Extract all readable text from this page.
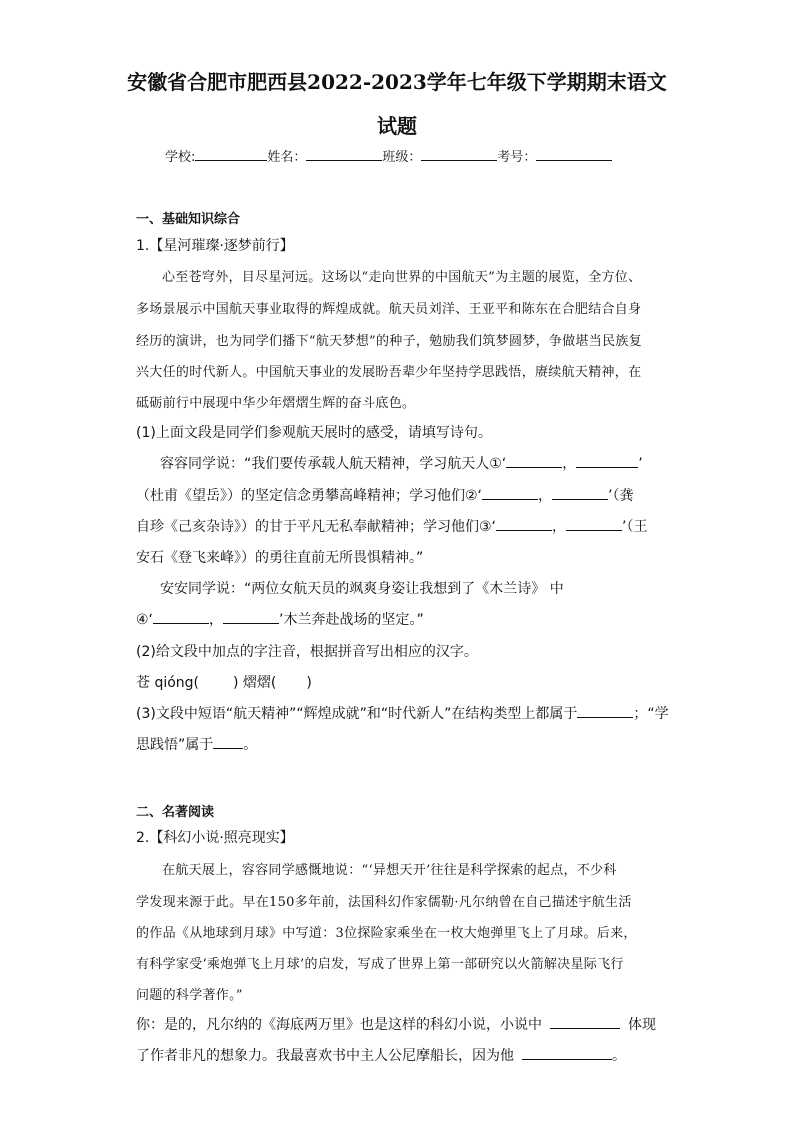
安徽省合肥市肥西县2022-2023学年七年级下学期期末语文
试题
学校:	姓名：	班级：	考号：
一、基础知识综合
1.【星河璀璨·逐梦前行】
心至苍穹外，目尽星河远。这场以“走向世界的中国航天”为主题的展览，全方位、
多场景展示中国航天事业取得的辉煌成就。航天员刘洋、王亚平和陈东在合肥结合自身
经历的演讲，也为同学们播下“航天梦想”的种子，勉励我们筑梦圆梦，争做堪当民族复
兴大任的时代新人。中国航天事业的发展盼吾辈少年坚持学思践悟，赓续航天精神，在
砥砺前行中展现中华少年熠熠生辉的奋斗底色。
(1)上面文段是同学们参观航天展时的感受，请填写诗句。
容容同学说：“我们要传承载人航天精神，学习航天人①‘	，	’
（杜甫《望岳》）的坚定信念勇攀高峰精神；学习他们②‘	，	’（龚
自珍《己亥杂诗》）的甘于平凡无私奉献精神；学习他们③‘	，	’（王
安石《登飞来峰》）的勇往直前无所畏惧精神。”
安安同学说：“两位女航天员的飒爽身姿让我想到了《木兰诗》 中
④‘	，	’木兰奔赴战场的坚定。”
(2)给文段中加点的字注音，根据拼音写出相应的汉字。
苍 qióng( ) 熠熠( )
(3)文段中短语“航天精神”“辉煌成就”和“时代新人”在结构类型上都属于	；“学
思践悟”属于 。
二、名著阅读
2.【科幻小说·照亮现实】
在航天展上，容容同学感慨地说：“‘异想天开’往往是科学探索的起点，不少科
学发现来源于此。早在150多年前，法国科幻作家儒勒·凡尔纳曾在自己描述宇航生活
的作品《从地球到月球》中写道：3位探险家乘坐在一枚大炮弹里飞上了月球。后来，
有科学家受‘乘炮弹飞上月球’的启发，写成了世界上第一部研究以火箭解决星际飞行
问题的科学著作。”
你：是的，凡尔纳的《海底两万里》也是这样的科幻小说，小说中	体现
了作者非凡的想象力。我最喜欢书中主人公尼摩船长，因为他	。
